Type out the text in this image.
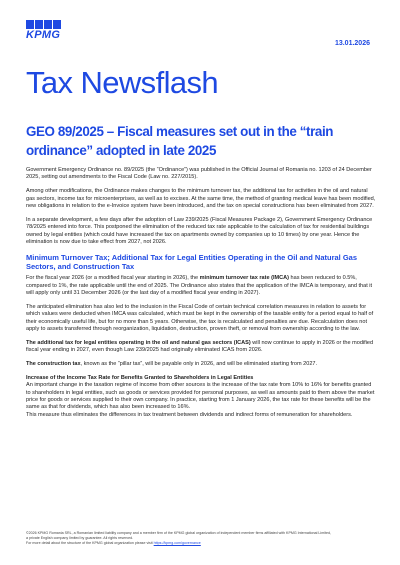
KPMG
13.01.2026
Tax Newsflash
GEO 89/2025 – Fiscal measures set out in the “train ordinance” adopted in late 2025

Government Emergency Ordinance no. 89/2025 (the “Ordinance”) was published in the Official Journal of Romania no. 1203 of 24 December 2025, setting out amendments to the Fiscal Code (Law no. 227/2015).

Among other modifications, the Ordinance makes changes to the minimum turnover tax, the additional tax for activities in the oil and natural gas sectors, income tax for microenterprises, as well as to excises. At the same time, the method of granting medical leave has been modified, new obligations in relation to the e-Invoice system have been introduced, and the tax on special constructions has been eliminated from 2027.

In a separate development, a few days after the adoption of Law 239/2025 (Fiscal Measures Package 2), Government Emergency Ordinance 78/2025 entered into force. This postponed the elimination of the reduced tax rate applicable to the calculation of tax for residential buildings owned by legal entities (which could have increased the tax on apartments owned by companies up to 10 times) by one year. Hence the elimination is now due to take effect from 2027, not 2026.

Minimum Turnover Tax; Additional Tax for Legal Entities Operating in the Oil and Natural Gas Sectors, and Construction Tax

For the fiscal year 2026 (or a modified fiscal year starting in 2026), the minimum turnover tax rate (IMCA) has been reduced to 0.5%, compared to 1%, the rate applicable until the end of 2025. The Ordinance also states that the application of the IMCA is temporary, and that it will apply only until 31 December 2026 (or the last day of a modified fiscal year ending in 2027).

The anticipated elimination has also led to the inclusion in the Fiscal Code of certain technical correlation measures in relation to assets for which values were deducted when IMCA was calculated, which must be kept in the ownership of the taxable entity for a period equal to half of their economically useful life, but for no more than 5 years. Otherwise, the tax is recalculated and penalties are due. Recalculation does not apply to assets transferred through reorganization, liquidation, destruction, proven theft, or removal from ownership according to the law.

The additional tax for legal entities operating in the oil and natural gas sectors (ICAS) will now continue to apply in 2026 or the modified fiscal year ending in 2027, even though Law 239/2025 had originally eliminated ICAS from 2026.

The construction tax, known as the “pillar tax”, will be payable only in 2026, and will be eliminated starting from 2027.

Increase of the Income Tax Rate for Benefits Granted to Shareholders in Legal Entities

An important change in the taxation regime of income from other sources is the increase of the tax rate from 10% to 16% for benefits granted to shareholders in legal entities, such as goods or services provided for personal purposes, as well as amounts paid to them above the market price for goods or services supplied to their own company. In practice, starting from 1 January 2026, the tax rate for these benefits will be the same as that for dividends, which has also been increased to 16%.

This measure thus eliminates the differences in tax treatment between dividends and indirect forms of remuneration for shareholders.

©2026 KPMG Romania SRL, a Romanian limited liability company and a member firm of the KPMG global organization of independent member firms affiliated with KPMG International Limited,
a private English company limited by guarantee. All rights reserved.
For more detail about the structure of the KPMG global organization please visit https://kpmg.com/governance
